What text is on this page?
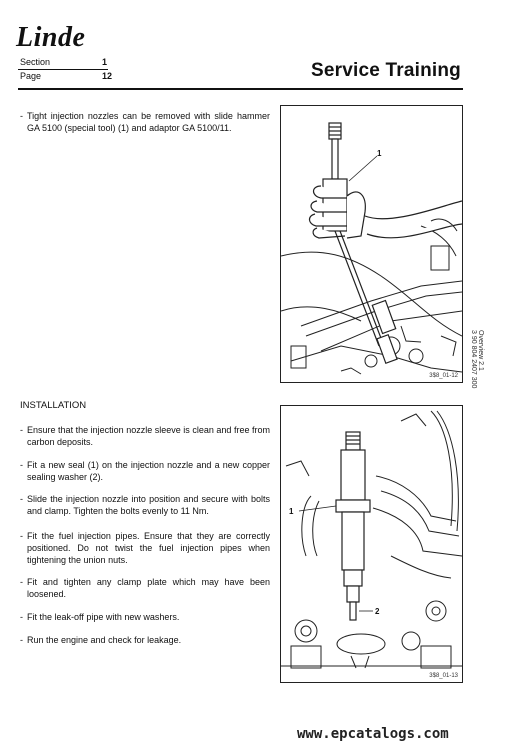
Linde
Section	1
Page	12	Service Training
- Tight injection nozzles can be removed with slide hammer GA 5100 (special tool) (1) and adaptor GA 5100/11.
1
3$8_01-12
Overview 2.1
3 90 804 2407 300
INSTALLATION
- Ensure that the injection nozzle sleeve is clean and free from carbon deposits.
- Fit a new seal (1) on the injection nozzle and a new copper sealing washer (2).
- Slide the injection nozzle into position and secure with bolts and clamp. Tighten the bolts evenly to 11 Nm.
- Fit the fuel injection pipes. Ensure that they are correctly positioned. Do not twist the fuel injection pipes when tightening the union nuts.
- Fit and tighten any clamp plate which may have been loosened.
- Fit the leak-off pipe with new washers.
- Run the engine and check for leakage.
1
2
3$8_01-13
www.epcatalogs.com
